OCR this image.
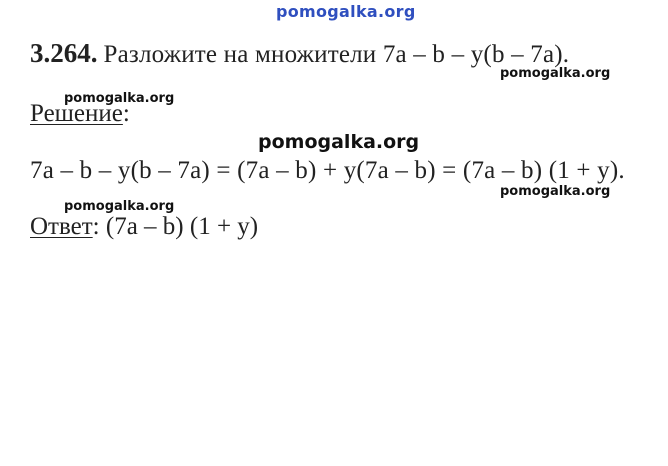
pomogalka.org
3.264. Разложите на множители 7a – b – y(b – 7a).
pomogalka.org
pomogalka.org
Решение:
pomogalka.org
7a – b – y(b – 7a) = (7a – b) + y(7a – b) = (7a – b) (1 + y).
pomogalka.org
pomogalka.org
Ответ: (7a – b) (1 + y)
